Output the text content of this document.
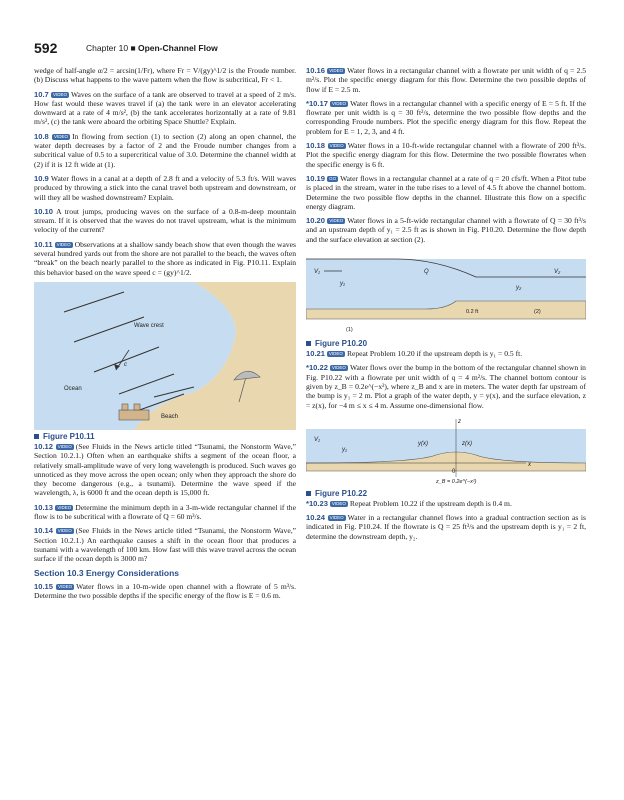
592	Chapter 10 ■ Open-Channel Flow

wedge of half-angle α/2 = arcsin(1/Fr), where Fr = V/(gy)^1/2 is the Froude number. (b) Discuss what happens to the wave pattern when the flow is subcritical, Fr < 1.

10.7 VIDEO Waves on the surface of a tank are observed to travel at a speed of 2 m/s. How fast would these waves travel if (a) the tank were in an elevator accelerating downward at a rate of 4 m/s², (b) the tank accelerates horizontally at a rate of 9.81 m/s², (c) the tank were aboard the orbiting Space Shuttle? Explain.

10.8 VIDEO In flowing from section (1) to section (2) along an open channel, the water depth decreases by a factor of 2 and the Froude number changes from a subcritical value of 0.5 to a supercritical value of 3.0. Determine the channel width at (2) if it is 12 ft wide at (1).

10.9 Water flows in a canal at a depth of 2.8 ft and a velocity of 5.3 ft/s. Will waves produced by throwing a stick into the canal travel both upstream and downstream, or will they all be washed downstream? Explain.

10.10 A trout jumps, producing waves on the surface of a 0.8-m-deep mountain stream. If it is observed that the waves do not travel upstream, what is the minimum velocity of the current?

10.11 VIDEO Observations at a shallow sandy beach show that even though the waves several hundred yards out from the shore are not parallel to the beach, the waves often “break” on the beach nearly parallel to the shore as indicated in Fig. P10.11. Explain this behavior based on the wave speed c = (gy)^1/2.

c
Wave crest
Ocean
Beach
Figure P10.11

10.12 VIDEO (See Fluids in the News article titled “Tsunami, the Nonstorm Wave,” Section 10.2.1.) Often when an earthquake shifts a segment of the ocean floor, a relatively small-amplitude wave of very long wavelength is produced. Such waves go unnoticed as they move across the open ocean; only when they approach the shore do they become dangerous (e.g., a tsunami). Determine the wave speed if the wavelength, λ, is 6000 ft and the ocean depth is 15,000 ft.

10.13 VIDEO Determine the minimum depth in a 3-m-wide rectangular channel if the flow is to be subcritical with a flowrate of Q = 60 m³/s.

10.14 VIDEO (See Fluids in the News article titled “Tsunami, the Nonstorm Wave,” Section 10.2.1.) An earthquake causes a shift in the ocean floor that produces a tsunami with a wavelength of 100 km. How fast will this wave travel across the ocean surface if the ocean depth is 3000 m?

Section 10.3 Energy Considerations

10.15 VIDEO Water flows in a 10-m-wide open channel with a flowrate of 5 m³/s. Determine the two possible depths if the specific energy of the flow is E = 0.6 m.

10.16 VIDEO Water flows in a rectangular channel with a flowrate per unit width of q = 2.5 m²/s. Plot the specific energy diagram for this flow. Determine the two possible depths of flow if E = 2.5 m.

*10.17 VIDEO Water flows in a rectangular channel with a specific energy of E = 5 ft. If the flowrate per unit width is q = 30 ft²/s, determine the two possible flow depths and the corresponding Froude numbers. Plot the specific energy diagram for this flow. Repeat the problem for E = 1, 2, 3, and 4 ft.

10.18 VIDEO Water flows in a 10-ft-wide rectangular channel with a flowrate of 200 ft³/s. Plot the specific energy diagram for this flow. Determine the two possible flowrates when the specific energy is 6 ft.

10.19 GO Water flows in a rectangular channel at a rate of q = 20 cfs/ft. When a Pitot tube is placed in the stream, water in the tube rises to a level of 4.5 ft above the channel bottom. Determine the two possible flow depths in the channel. Illustrate this flow on a specific energy diagram.

10.20 VIDEO Water flows in a 5-ft-wide rectangular channel with a flowrate of Q = 30 ft³/s and an upstream depth of y₁ = 2.5 ft as is shown in Fig. P10.20. Determine the flow depth and the surface elevation at section (2).

V₁	Q	V₂
y₁
y₂
0.2 ft	(2)
(1)
Figure P10.20

10.21 VIDEO Repeat Problem 10.20 if the upstream depth is y₁ = 0.5 ft.

*10.22 VIDEO Water flows over the bump in the bottom of the rectangular channel shown in Fig. P10.22 with a flowrate per unit width of q = 4 m²/s. The channel bottom contour is given by z_B = 0.2e^(−x²), where z_B and x are in meters. The water depth far upstream of the bump is y₁ = 2 m. Plot a graph of the water depth, y = y(x), and the surface elevation, z = z(x), for −4 m ≤ x ≤ 4 m. Assume one-dimensional flow.

z
V₁
y₁
y(x)	z(x)
x
0
z_B = 0.2e^(−x²)
Figure P10.22

*10.23 VIDEO Repeat Problem 10.22 if the upstream depth is 0.4 m.

10.24 VIDEO Water in a rectangular channel flows into a gradual contraction section as is indicated in Fig. P10.24. If the flowrate is Q = 25 ft³/s and the upstream depth is y₁ = 2 ft, determine the downstream depth, y₂.
